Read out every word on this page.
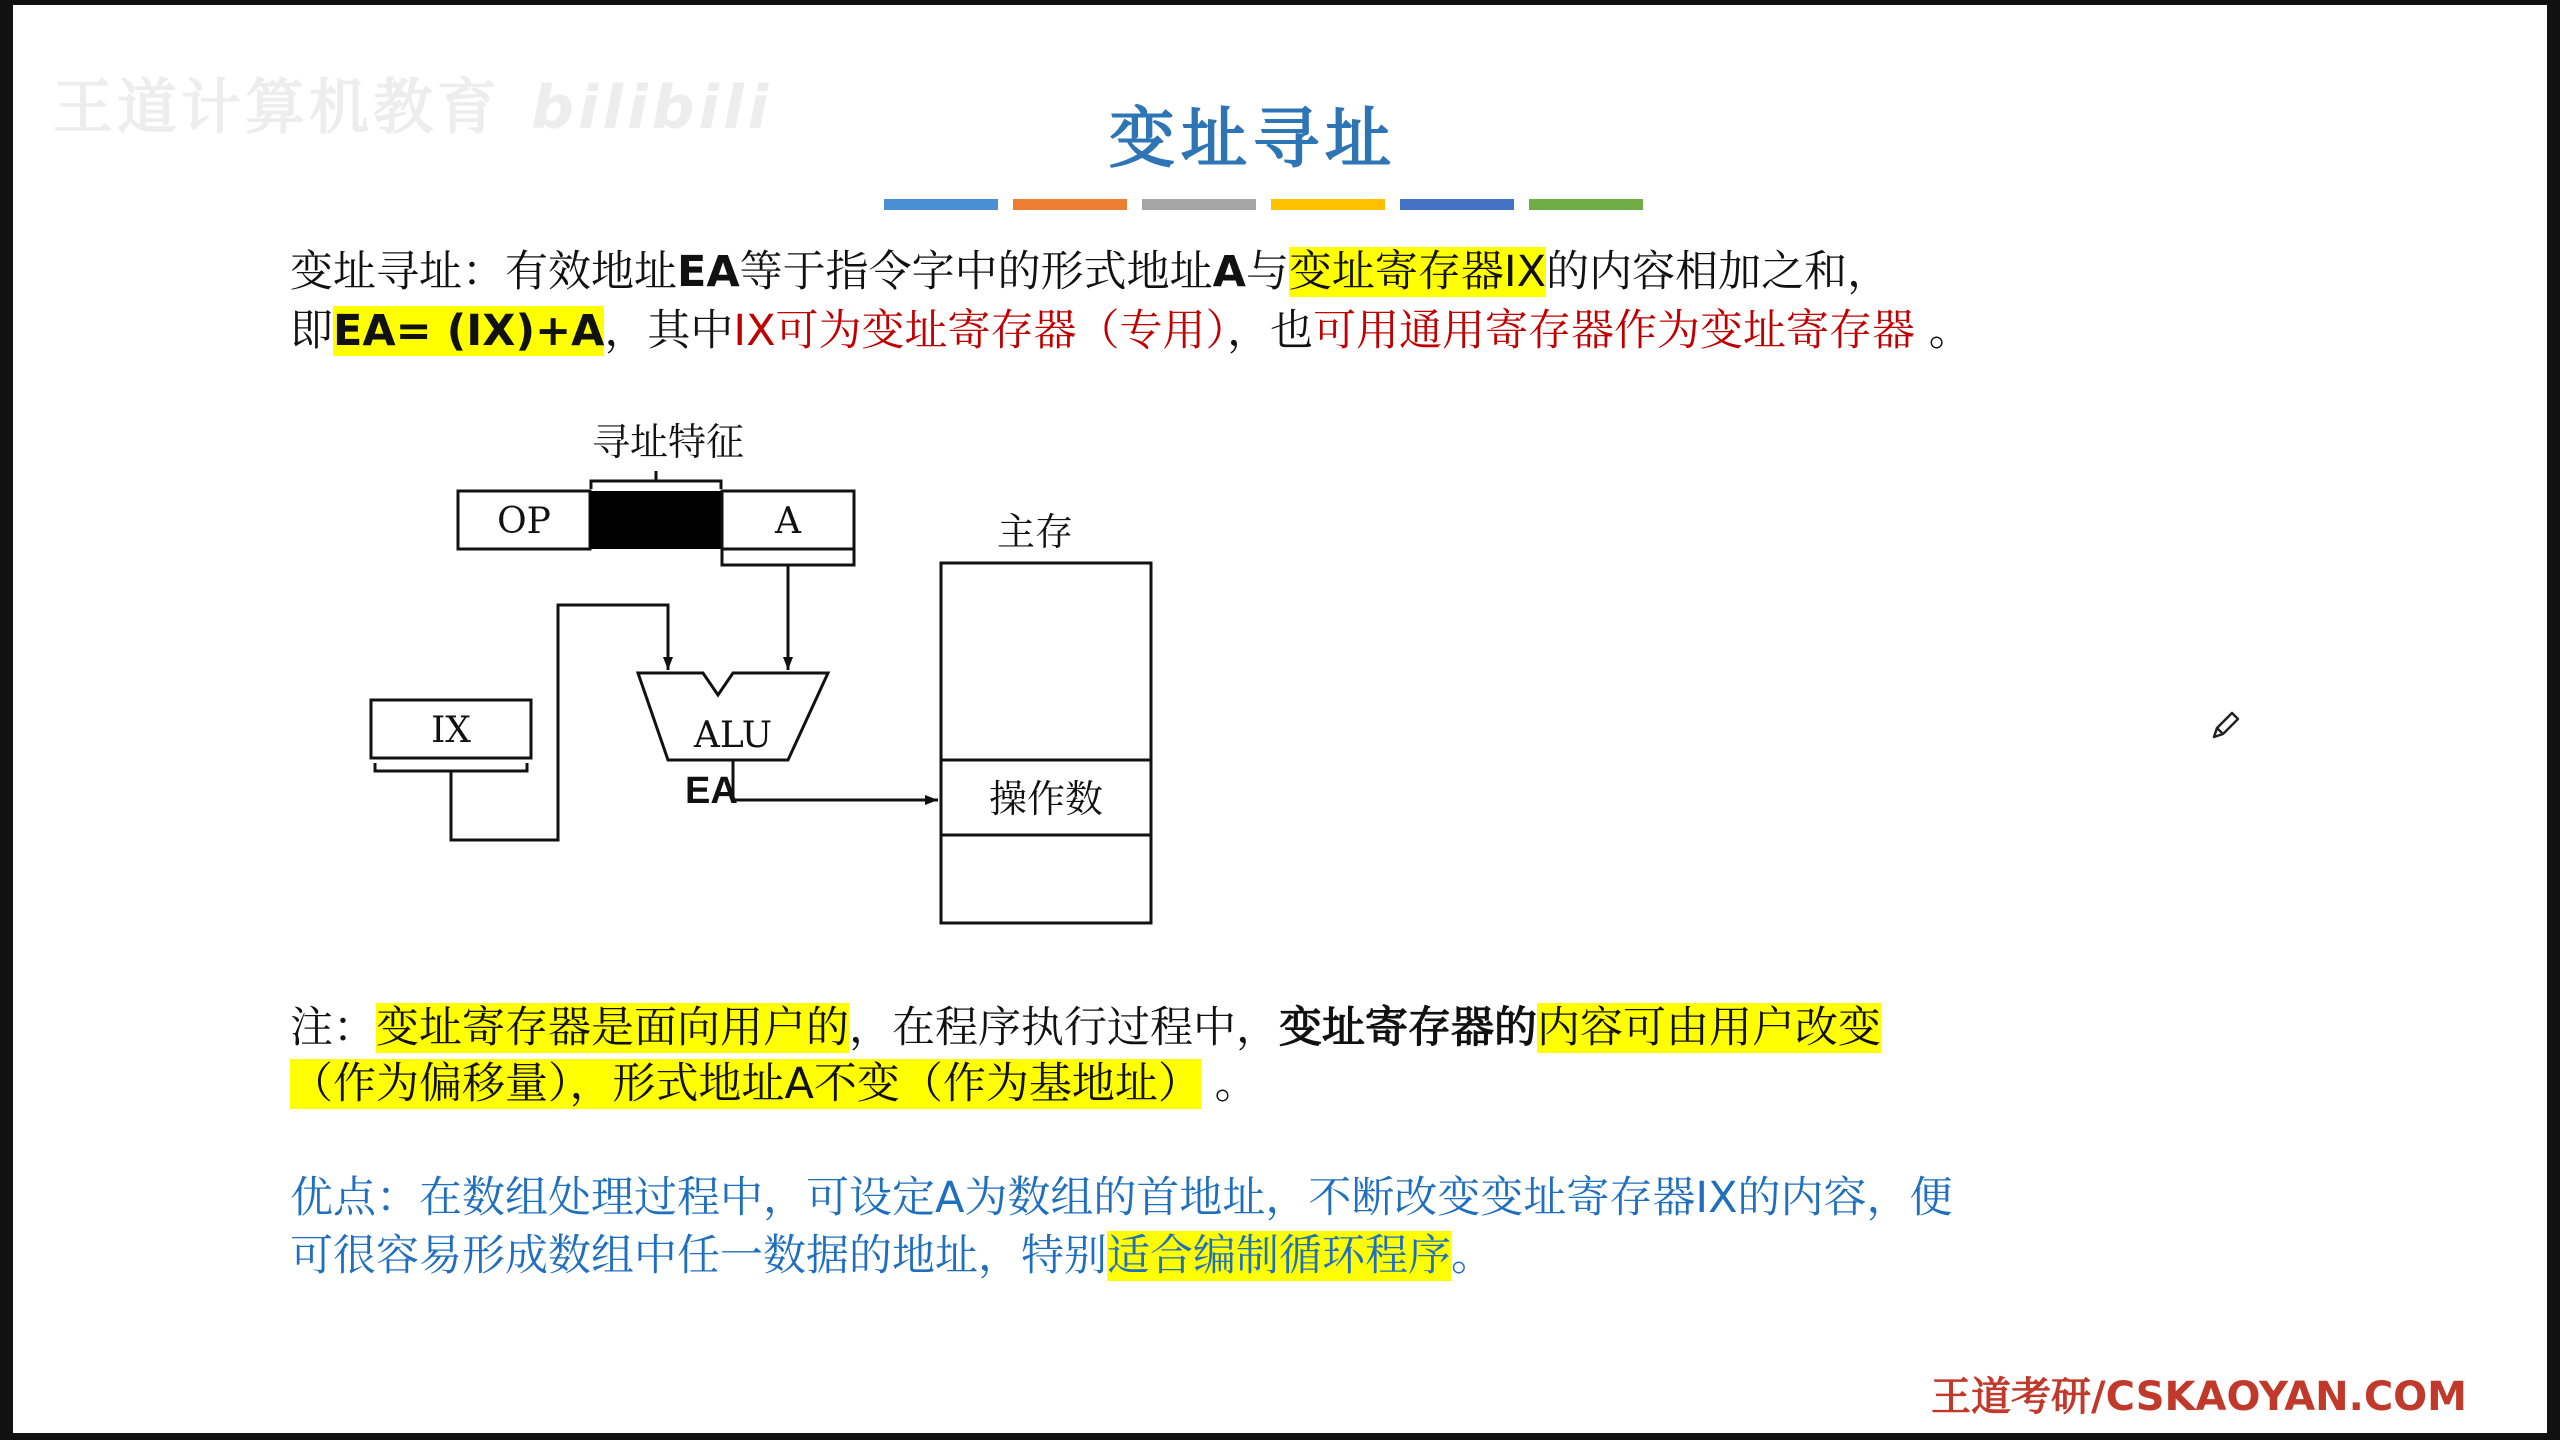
王道计算机教育 bilibili	变址寻址
变址寻址：有效地址EA等于指令字中的形式地址A与变址寄存器IX的内容相加之和，
即EA= (IX)+A，其中IX可为变址寄存器（专用），也可用通用寄存器作为变址寄存器 。
寻址特征
OP	A
IX	ALU
EA
主存
操作数
注：变址寄存器是面向用户的，在程序执行过程中，变址寄存器的内容可由用户改变
（作为偏移量），形式地址A不变（作为基地址） 。
优点：在数组处理过程中，可设定A为数组的首地址，不断改变变址寄存器IX的内容，便
可很容易形成数组中任一数据的地址，特别适合编制循环程序。
王道考研/CSKAOYAN.COM
